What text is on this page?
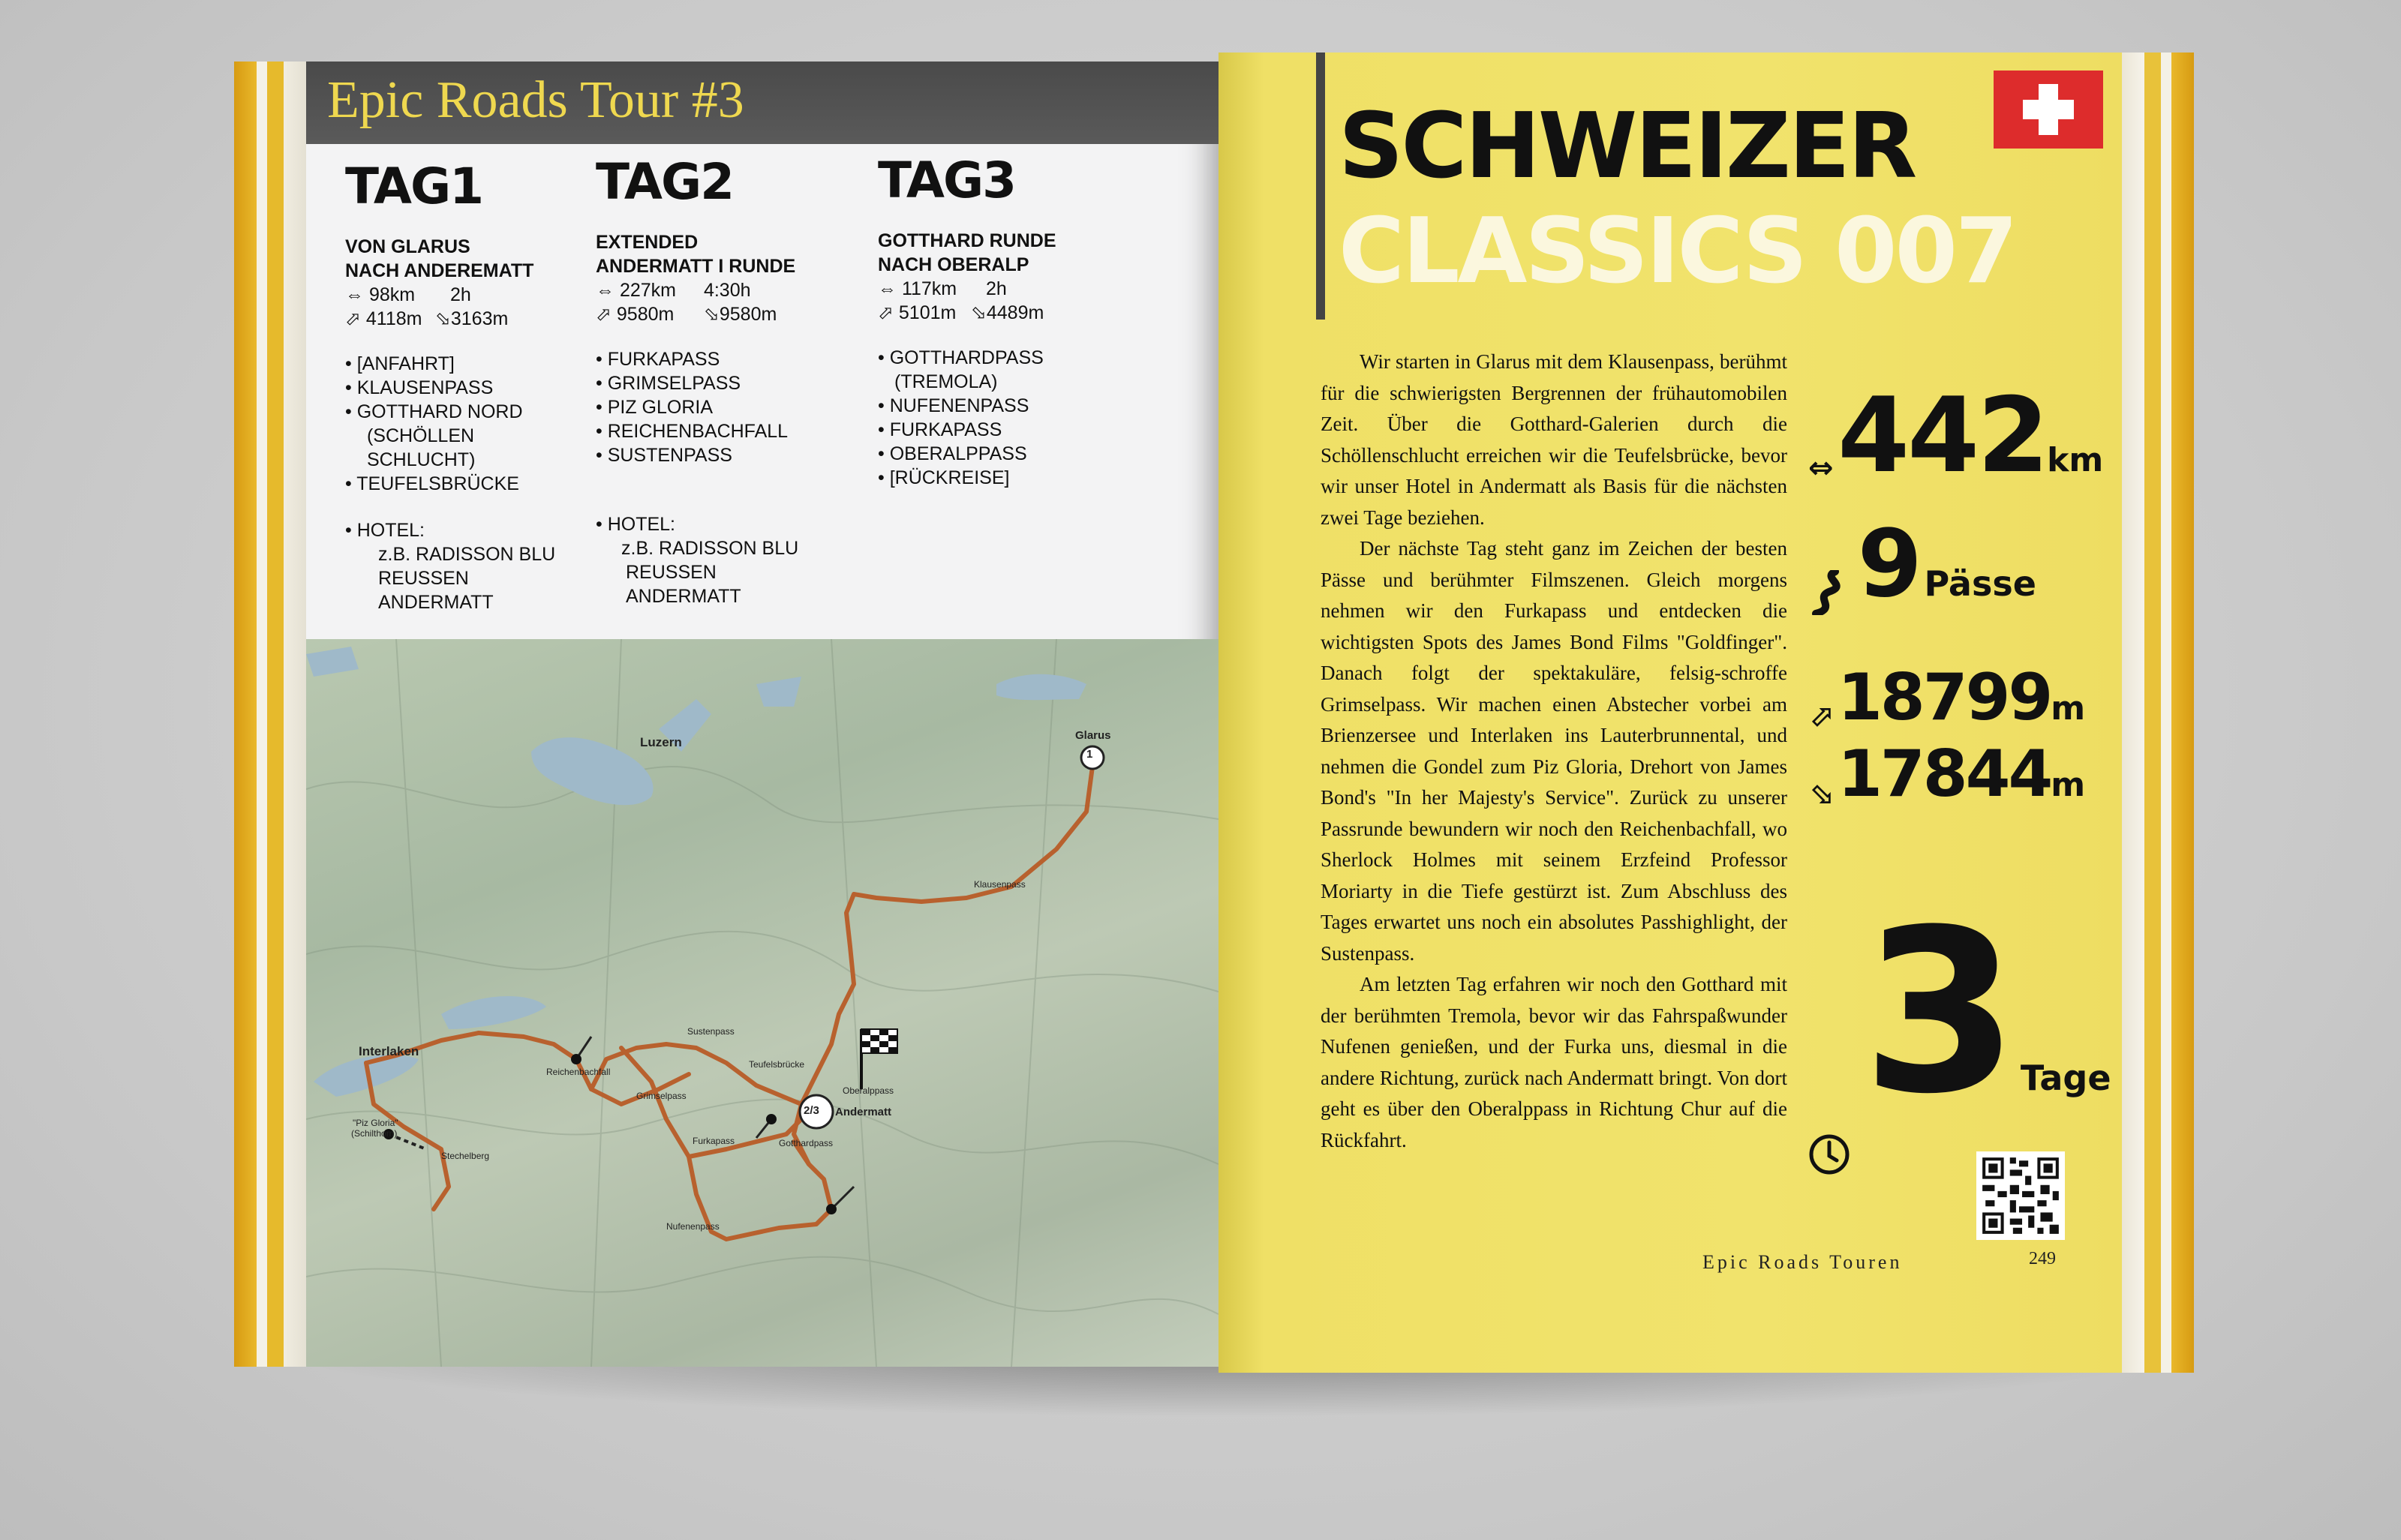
Epic Roads Tour #3
TAG1
VON GLARUS
NACH ANDEREMATT
⇔ 98km 2h
⬀ 4118m ⬂3163m
• [ANFAHRT]
• KLAUSENPASS
• GOTTHARD NORD
(SCHÖLLEN
SCHLUCHT)
• TEUFELSBRÜCKE
• HOTEL:
z.B. RADISSON BLU
REUSSEN
ANDERMATT
TAG2
EXTENDED
ANDERMATT I RUNDE
⇔ 227km 4:30h
⬀ 9580m ⬂9580m
• FURKAPASS
• GRIMSELPASS
• PIZ GLORIA
• REICHENBACHFALL
• SUSTENPASS
• HOTEL:
z.B. RADISSON BLU
REUSSEN
ANDERMATT
TAG3
GOTTHARD RUNDE
NACH OBERALP
⇔ 117km 2h
⬀ 5101m ⬂4489m
• GOTTHARDPASS
(TREMOLA)
• NUFENENPASS
• FURKAPASS
• OBERALPPASS
• [RÜCKREISE]
1
2/3
Luzern	Glarus
Klausenpass
Sustenpass
Interlaken
Reichenbachfall
Grimselpass
Teufelsbrücke
Oberalppass
Andermatt
Furkapass	Gotthardpass
Nufenenpass
"Piz Gloria"
(Schilthorn)
Stechelberg
SCHWEIZER
CLASSICS 007

Wir starten in Glarus mit dem Klausenpass, berühmt für die schwierigsten Bergrennen der frühautomobilen Zeit. Über die Gotthard-Galerien durch die Schöllenschlucht erreichen wir die Teufelsbrücke, bevor wir unser Hotel in Andermatt als Basis für die nächsten zwei Tage beziehen.

Der nächste Tag steht ganz im Zeichen der besten Pässe und berühmter Filmszenen. Gleich morgens nehmen wir den Furkapass und entdecken die wichtigsten Spots des James Bond Films "Goldfinger". Danach folgt der spektakuläre, felsig-schroffe Grimselpass. Wir machen einen Abstecher vorbei am Brienzersee und Interlaken ins Lauterbrunnental, und nehmen die Gondel zum Piz Gloria, Drehort von James Bond's "In her Majesty's Service". Zurück zu unserer Passrunde bewundern wir noch den Reichenbachfall, wo Sherlock Holmes mit seinem Erzfeind Professor Moriarty in die Tiefe gestürzt ist. Zum Abschluss des Tages erwartet uns noch ein absolutes Passhighlight, der Sustenpass.

Am letzten Tag erfahren wir noch den Gotthard mit der berühmten Tremola, bevor wir das Fahrspaßwunder Nufenen genießen, und der Furka uns, diesmal in die andere Richtung, zurück nach Andermatt bringt. Von dort geht es über den Oberalppass in Richtung Chur auf die Rückfahrt.

⇔ 442km
9 Pässe
⬀ 18799m
⬂ 17844m
3 Tage
Epic Roads Touren	249
